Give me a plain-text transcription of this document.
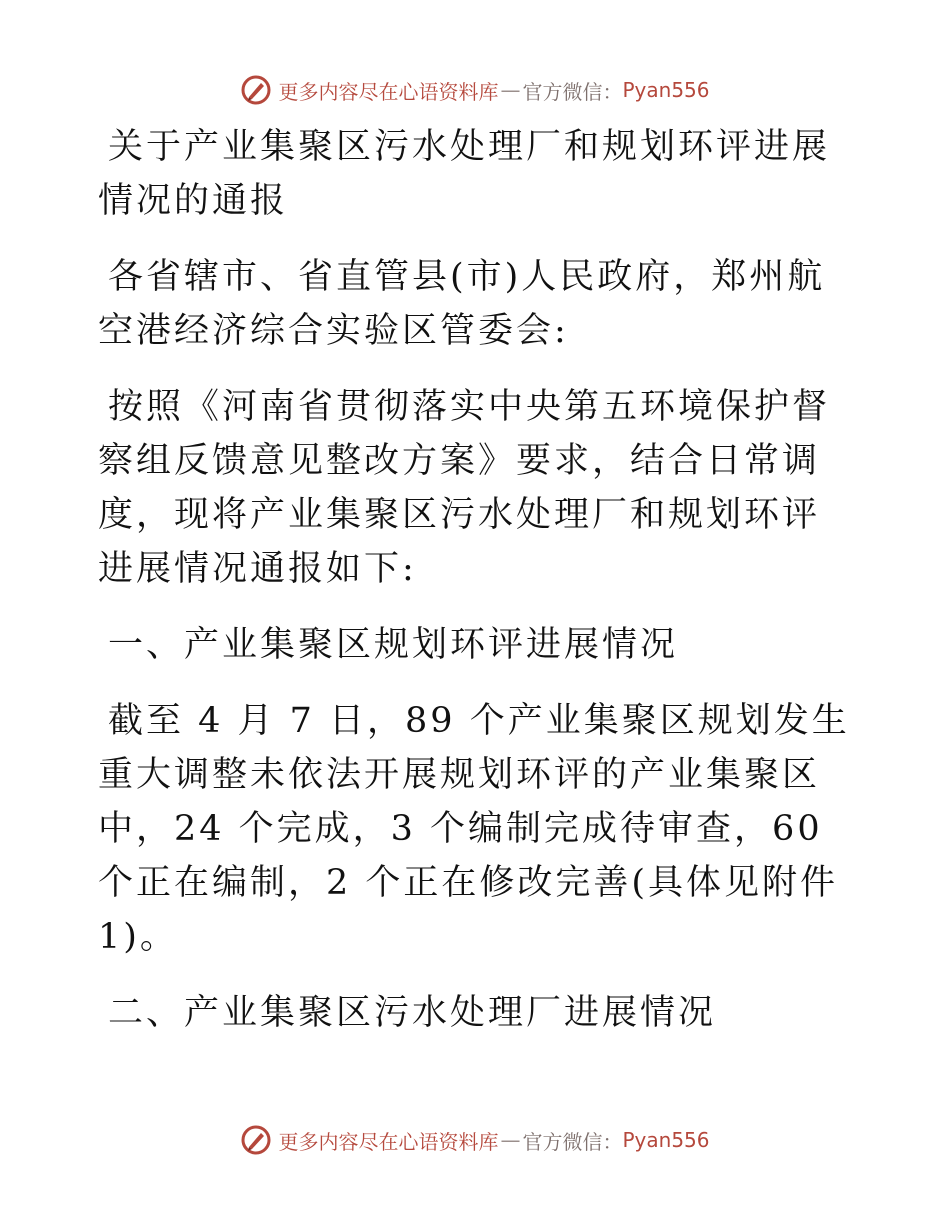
更多内容尽在心语资料库 — 官方微信： Pyan556

关于产业集聚区污水处理厂和规划环评进展情况的通报

各省辖市、省直管县(市)人民政府，郑州航空港经济综合实验区管委会:

按照《河南省贯彻落实中央第五环境保护督察组反馈意见整改方案》要求，结合日常调度，现将产业集聚区污水处理厂和规划环评进展情况通报如下:

一、产业集聚区规划环评进展情况

截至 4 月 7 日，89 个产业集聚区规划发生重大调整未依法开展规划环评的产业集聚区中，24 个完成，3 个编制完成待审查，60 个正在编制，2 个正在修改完善(具体见附件 1)。

二、产业集聚区污水处理厂进展情况

更多内容尽在心语资料库 — 官方微信： Pyan556
